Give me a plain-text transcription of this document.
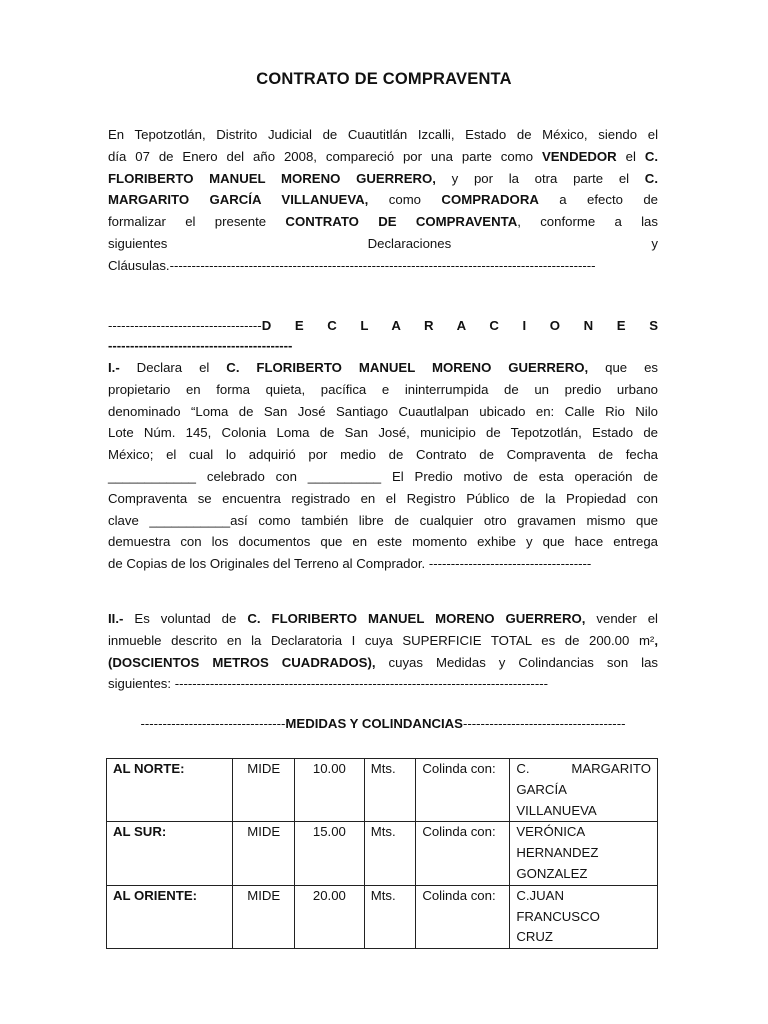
CONTRATO DE COMPRAVENTA
En Tepotzotlán, Distrito Judicial de Cuautitlán Izcalli, Estado de México, siendo el
día 07 de Enero del año 2008, compareció por una parte como VENDEDOR el C.
FLORIBERTO MANUEL MORENO GUERRERO, y por la otra parte el C.
MARGARITO GARCÍA VILLANUEVA, como COMPRADORA a efecto de
formalizar el presente CONTRATO DE COMPRAVENTA, conforme a las
siguientes Declaraciones y
Cláusulas.-------------------------------------------------------------------------------------------------
-----------------------------------D E C L A R A C I O N E S
------------------------------------------
I.- Declara el C. FLORIBERTO MANUEL MORENO GUERRERO, que es
propietario en forma quieta, pacífica e ininterrumpida de un predio urbano
denominado “Loma de San José Santiago Cuautlalpan ubicado en: Calle Rio Nilo
Lote Núm. 145, Colonia Loma de San José, municipio de Tepotzotlán, Estado de
México; el cual lo adquirió por medio de Contrato de Compraventa de fecha
____________ celebrado con __________ El Predio motivo de esta operación de
Compraventa se encuentra registrado en el Registro Público de la Propiedad con
clave ___________así como también libre de cualquier otro gravamen mismo que
demuestra con los documentos que en este momento exhibe y que hace entrega
de Copias de los Originales del Terreno al Comprador. -------------------------------------
II.- Es voluntad de C. FLORIBERTO MANUEL MORENO GUERRERO, vender el
inmueble descrito en la Declaratoria I cuya SUPERFICIE TOTAL es de 200.00 m²,
(DOSCIENTOS METROS CUADRADOS), cuyas Medidas y Colindancias son las
siguientes: -------------------------------------------------------------------------------------
---------------------------------MEDIDAS Y COLINDANCIAS-------------------------------------
AL NORTE:	MIDE	10.00	Mts.	Colinda con:	C.      MARGARITO
GARCÍA
VILLANUEVA

AL SUR:	MIDE	15.00	Mts.	Colinda con:	VERÓNICA
HERNANDEZ
GONZALEZ

AL ORIENTE:	MIDE	20.00	Mts.	Colinda con:	C.JUAN
FRANCUSCO
CRUZ
